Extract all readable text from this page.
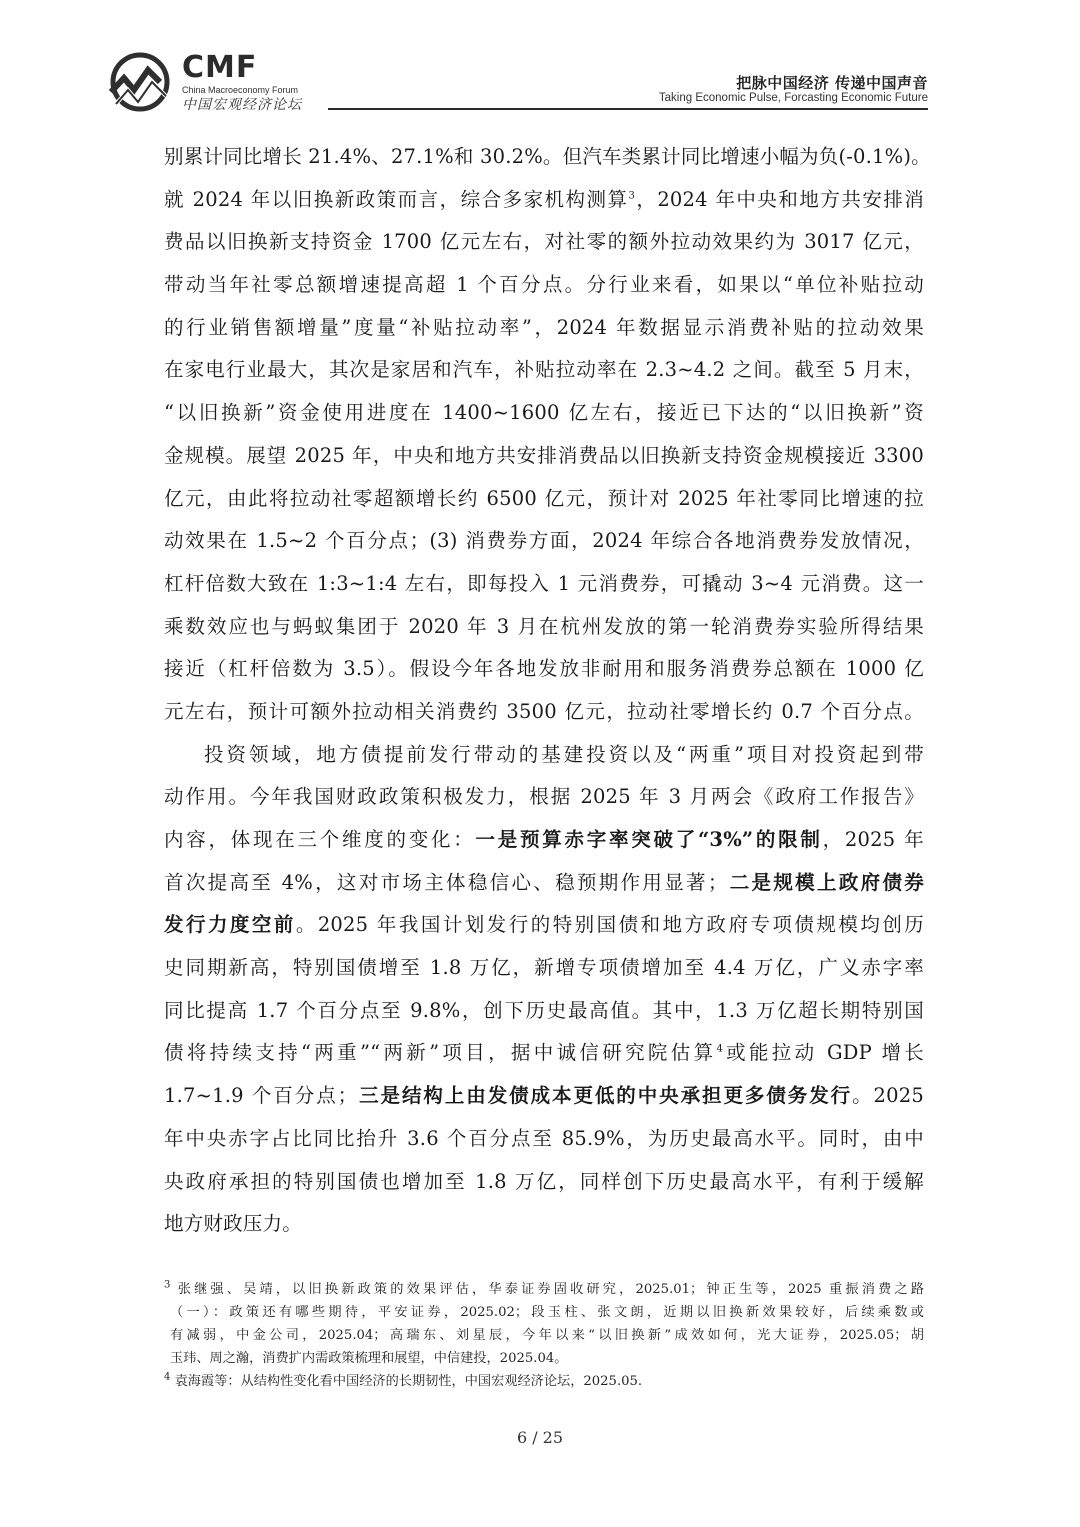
CMF
China Macroeconomy Forum
中国宏观经济论坛
把脉中国经济 传递中国声音
Taking Economic Pulse, Forcasting Economic Future
别累计同比增长 21.4%、27.1%和 30.2%。但汽车类累计同比增速小幅为负(-0.1%)。
就 2024 年以旧换新政策而言，综合多家机构测算$^3$，2024 年中央和地方共安排消
费品以旧换新支持资金 1700 亿元左右，对社零的额外拉动效果约为 3017 亿元，
带动当年社零总额增速提高超 1 个百分点。分行业来看，如果以“单位补贴拉动
的行业销售额增量”度量“补贴拉动率”，2024 年数据显示消费补贴的拉动效果
在家电行业最大，其次是家居和汽车，补贴拉动率在 2.3~4.2 之间。截至 5 月末，
“以旧换新”资金使用进度在 1400~1600 亿左右，接近已下达的“以旧换新”资
金规模。展望 2025 年，中央和地方共安排消费品以旧换新支持资金规模接近 3300
亿元，由此将拉动社零超额增长约 6500 亿元，预计对 2025 年社零同比增速的拉
动效果在 1.5~2 个百分点；(3) 消费券方面，2024 年综合各地消费券发放情况，
杠杆倍数大致在 1:3~1:4 左右，即每投入 1 元消费券，可撬动 3~4 元消费。这一
乘数效应也与蚂蚁集团于 2020 年 3 月在杭州发放的第一轮消费券实验所得结果
接近（杠杆倍数为 3.5）。假设今年各地发放非耐用和服务消费券总额在 1000 亿
元左右，预计可额外拉动相关消费约 3500 亿元，拉动社零增长约 0.7 个百分点。
投资领域，地方债提前发行带动的基建投资以及“两重”项目对投资起到带
动作用。今年我国财政政策积极发力，根据 2025 年 3 月两会《政府工作报告》
内容，体现在三个维度的变化：一是预算赤字率突破了“3%”的限制，2025 年
首次提高至 4%，这对市场主体稳信心、稳预期作用显著；二是规模上政府债券
发行力度空前。2025 年我国计划发行的特别国债和地方政府专项债规模均创历
史同期新高，特别国债增至 1.8 万亿，新增专项债增加至 4.4 万亿，广义赤字率
同比提高 1.7 个百分点至 9.8%，创下历史最高值。其中，1.3 万亿超长期特别国
债将持续支持“两重”“两新”项目，据中诚信研究院估算$^4$或能拉动 GDP 增长
1.7~1.9 个百分点；三是结构上由发债成本更低的中央承担更多债务发行。2025
年中央赤字占比同比抬升 3.6 个百分点至 85.9%，为历史最高水平。同时，由中
央政府承担的特别国债也增加至 1.8 万亿，同样创下历史最高水平，有利于缓解
地方财政压力。
$^3$ 张继强、吴靖，以旧换新政策的效果评估，华泰证券固收研究，2025.01；钟正生等，2025 重振消费之路
（一）：政策还有哪些期待，平安证券，2025.02；段玉柱、张文朗，近期以旧换新效果较好，后续乘数或
有减弱，中金公司，2025.04；高瑞东、刘星辰，今年以来“以旧换新”成效如何，光大证券，2025.05；胡
玉玮、周之瀚，消费扩内需政策梳理和展望，中信建投，2025.04。
$^4$ 袁海霞等：从结构性变化看中国经济的长期韧性，中国宏观经济论坛，2025.05.
6 / 25
